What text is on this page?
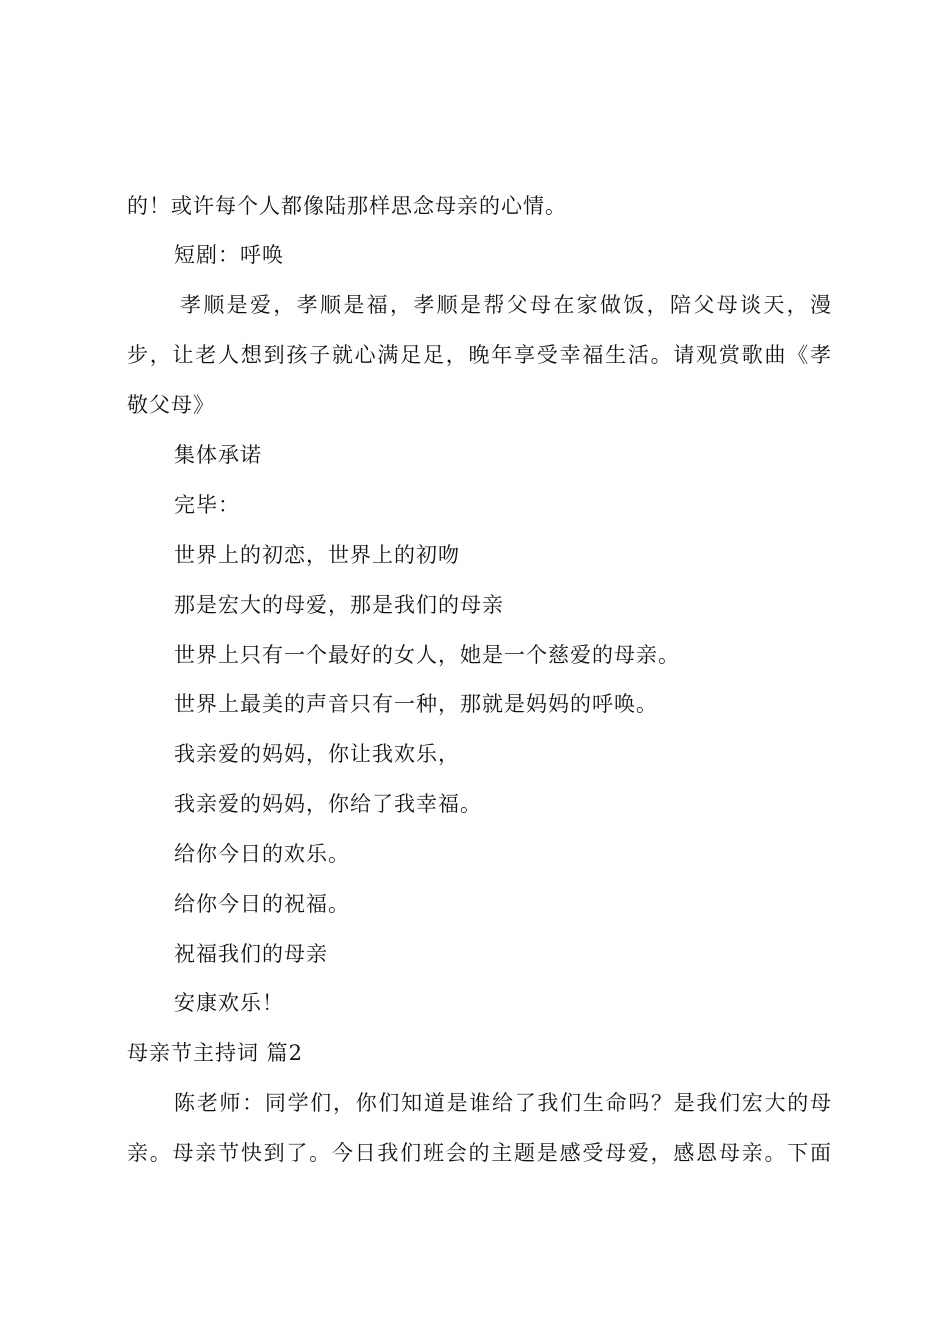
的！或许每个人都像陆那样思念母亲的心情。
短剧：呼唤
孝顺是爱，孝顺是福，孝顺是帮父母在家做饭，陪父母谈天，漫
步，让老人想到孩子就心满足足，晚年享受幸福生活。请观赏歌曲《孝
敬父母》
集体承诺
完毕：
世界上的初恋，世界上的初吻
那是宏大的母爱，那是我们的母亲
世界上只有一个最好的女人，她是一个慈爱的母亲。
世界上最美的声音只有一种，那就是妈妈的呼唤。
我亲爱的妈妈，你让我欢乐，
我亲爱的妈妈，你给了我幸福。
给你今日的欢乐。
给你今日的祝福。
祝福我们的母亲
安康欢乐！
母亲节主持词 篇2
陈老师：同学们，你们知道是谁给了我们生命吗？是我们宏大的母
亲。母亲节快到了。今日我们班会的主题是感受母爱，感恩母亲。下面
